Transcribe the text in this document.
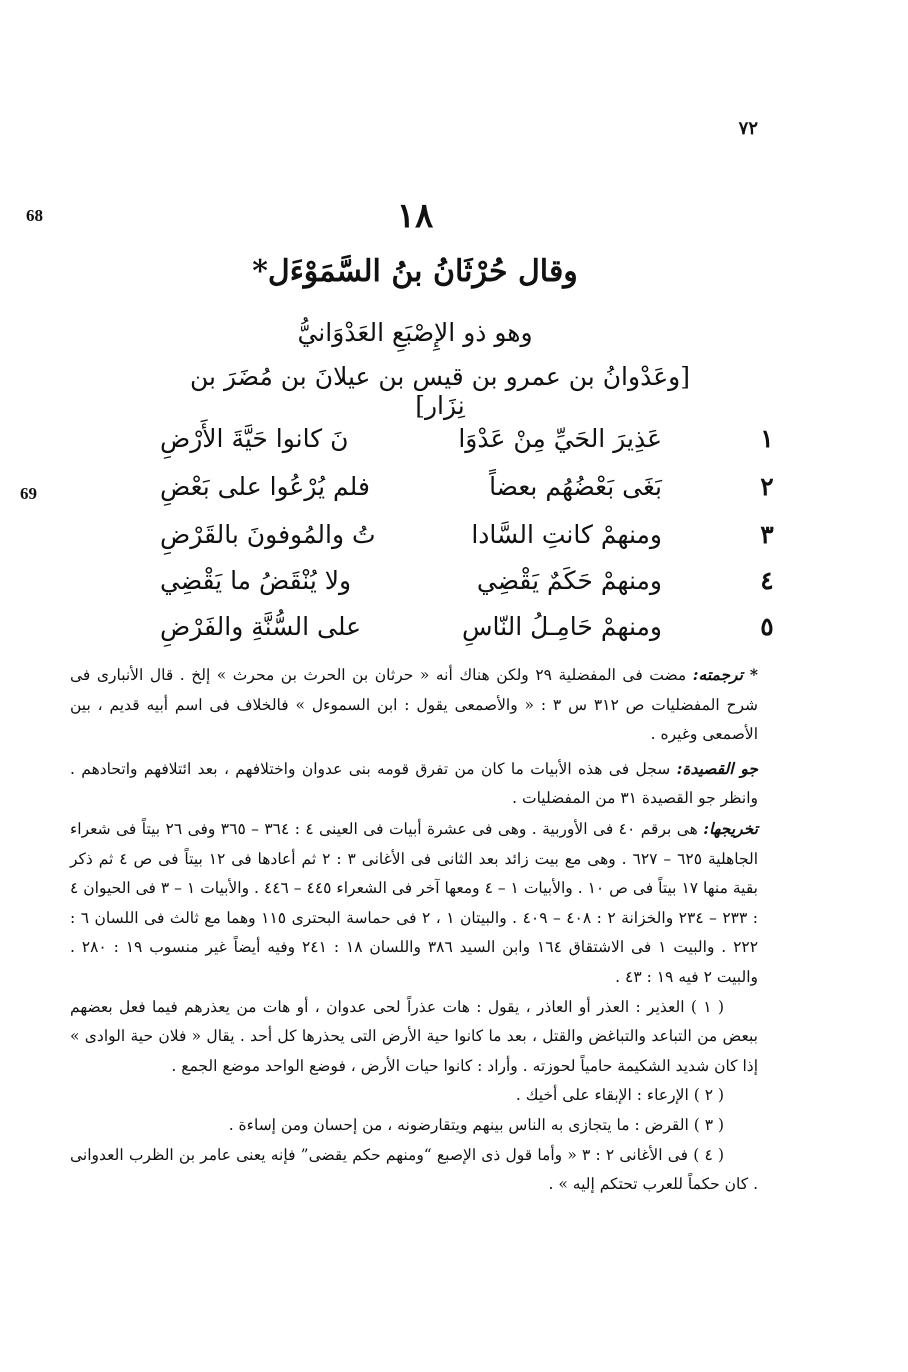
٧٢
68
69
١٨
وقال حُرْثَانُ بنُ السَّمَوْءَل*
وهو ذو الإِصْبَعِ العَدْوَانيُّ
[وعَدْوانُ بن عمرو بن قيس بن عيلانَ بن مُضَرَ بن نِزَار]
١
عَذِيرَ الحَيِّ مِنْ عَدْوَا
نَ كانوا حَيَّةَ الأَرْضِ
٢
بَغَى بَعْضُهُم بعضاً
فلم يُرْعُوا على بَعْضِ
٣
ومنهمْ كانتِ السَّادا
تُ والمُوفونَ بالقَرْضِ
٤
ومنهمْ حَكَمٌ يَقْضِي
ولا يُنْقَضُ ما يَقْضِي
٥
ومنهمْ حَامِـلُ النّاسِ
على السُّنَّةِ والفَرْضِ

* ترجمته: مضت فى المفضلية ٢٩ ولكن هناك أنه « حرثان بن الحرث بن محرث » إلخ . قال الأنبارى فى شرح المفضليات ص ٣١٢ س ٣ : « والأصمعى يقول : ابن السموءل » فالخلاف فى اسم أبيه قديم ، بين الأصمعى وغيره .

جو القصيدة: سجل فى هذه الأبيات ما كان من تفرق قومه بنى عدوان واختلافهم ، بعد ائتلافهم واتحادهم . وانظر جو القصيدة ٣١ من المفضليات .

تخريجها: هى برقم ٤٠ فى الأوربية . وهى فى عشرة أبيات فى العينى ٤ : ٣٦٤ – ٣٦٥ وفى ٢٦ بيتاً فى شعراء الجاهلية ٦٢٥ – ٦٢٧ . وهى مع بيت زائد بعد الثانى فى الأغانى ٣ : ٢ ثم أعادها فى ١٢ بيتاً فى ص ٤ ثم ذكر بقية منها ١٧ بيتاً فى ص ١٠ . والأبيات ١ – ٤ ومعها آخر فى الشعراء ٤٤٥ – ٤٤٦ . والأبيات ١ – ٣ فى الحيوان ٤ : ٢٣٣ – ٢٣٤ والخزانة ٢ : ٤٠٨ – ٤٠٩ . والبيتان ١ ، ٢ فى حماسة البحترى ١١٥ وهما مع ثالث فى اللسان ٦ : ٢٢٢ . والبيت ١ فى الاشتقاق ١٦٤ وابن السيد ٣٨٦ واللسان ١٨ : ٢٤١ وفيه أيضاً غير منسوب ١٩ : ٢٨٠ . والبيت ٢ فيه ١٩ : ٤٣ .

( ١ ) العذير : العذر أو العاذر ، يقول : هات عذراً لحى عدوان ، أو هات من يعذرهم فيما فعل بعضهم ببعض من التباعد والتباغض والقتل ، بعد ما كانوا حية الأرض التى يحذرها كل أحد . يقال « فلان حية الوادى » إذا كان شديد الشكيمة حامياً لحوزته . وأراد : كانوا حيات الأرض ، فوضع الواحد موضع الجمع .

( ٢ ) الإرعاء : الإبقاء على أخيك .

( ٣ ) القرض : ما يتجازى به الناس بينهم ويتقارضونه ، من إحسان ومن إساءة .

( ٤ ) فى الأغانى ٢ : ٣ « وأما قول ذى الإصبع “ومنهم حكم يقضى” فإنه يعنى عامر بن الظرب العدوانى . كان حكماً للعرب تحتكم إليه » .
